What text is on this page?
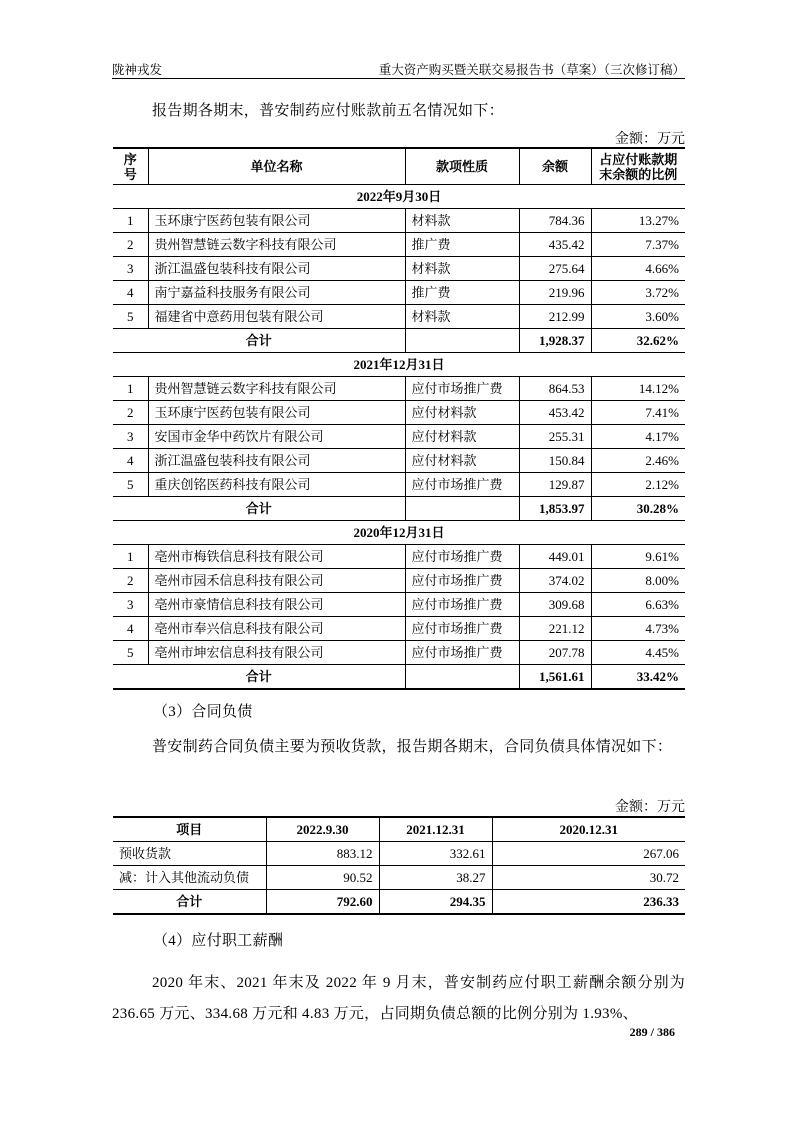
陇神戎发	重大资产购买暨关联交易报告书（草案）（三次修订稿）
报告期各期末，普安制药应付账款前五名情况如下：
金额：万元
序号	单位名称	款项性质	余额	占应付账款期末余额的比例
2022年9月30日				
1	玉环康宁医药包装有限公司	材料款	784.36	13.27%
2	贵州智慧链云数字科技有限公司	推广费	435.42	7.37%
3	浙江温盛包装科技有限公司	材料款	275.64	4.66%
4	南宁嘉益科技服务有限公司	推广费	219.96	3.72%
5	福建省中意药用包装有限公司	材料款	212.99	3.60%
合计			1,928.37	32.62%
2021年12月31日				
1	贵州智慧链云数字科技有限公司	应付市场推广费	864.53	14.12%
2	玉环康宁医药包装有限公司	应付材料款	453.42	7.41%
3	安国市金华中药饮片有限公司	应付材料款	255.31	4.17%
4	浙江温盛包装科技有限公司	应付材料款	150.84	2.46%
5	重庆创铭医药科技有限公司	应付市场推广费	129.87	2.12%
合计			1,853.97	30.28%
2020年12月31日				
1	亳州市梅铁信息科技有限公司	应付市场推广费	449.01	9.61%
2	亳州市园禾信息科技有限公司	应付市场推广费	374.02	8.00%
3	亳州市豪情信息科技有限公司	应付市场推广费	309.68	6.63%
4	亳州市奉兴信息科技有限公司	应付市场推广费	221.12	4.73%
5	亳州市坤宏信息科技有限公司	应付市场推广费	207.78	4.45%
合计			1,561.61	33.42%
（3）合同负债
普安制药合同负债主要为预收货款，报告期各期末，合同负债具体情况如下：
金额：万元
项目	2022.9.30	2021.12.31	2020.12.31
预收货款	883.12	332.61	267.06
减：计入其他流动负债	90.52	38.27	30.72
合计	792.60	294.35	236.33
（4）应付职工薪酬
2020 年末、2021 年末及 2022 年 9 月末，普安制药应付职工薪酬余额分别为 236.65 万元、334.68 万元和 4.83 万元，占同期负债总额的比例分别为 1.93%、
289 / 386
